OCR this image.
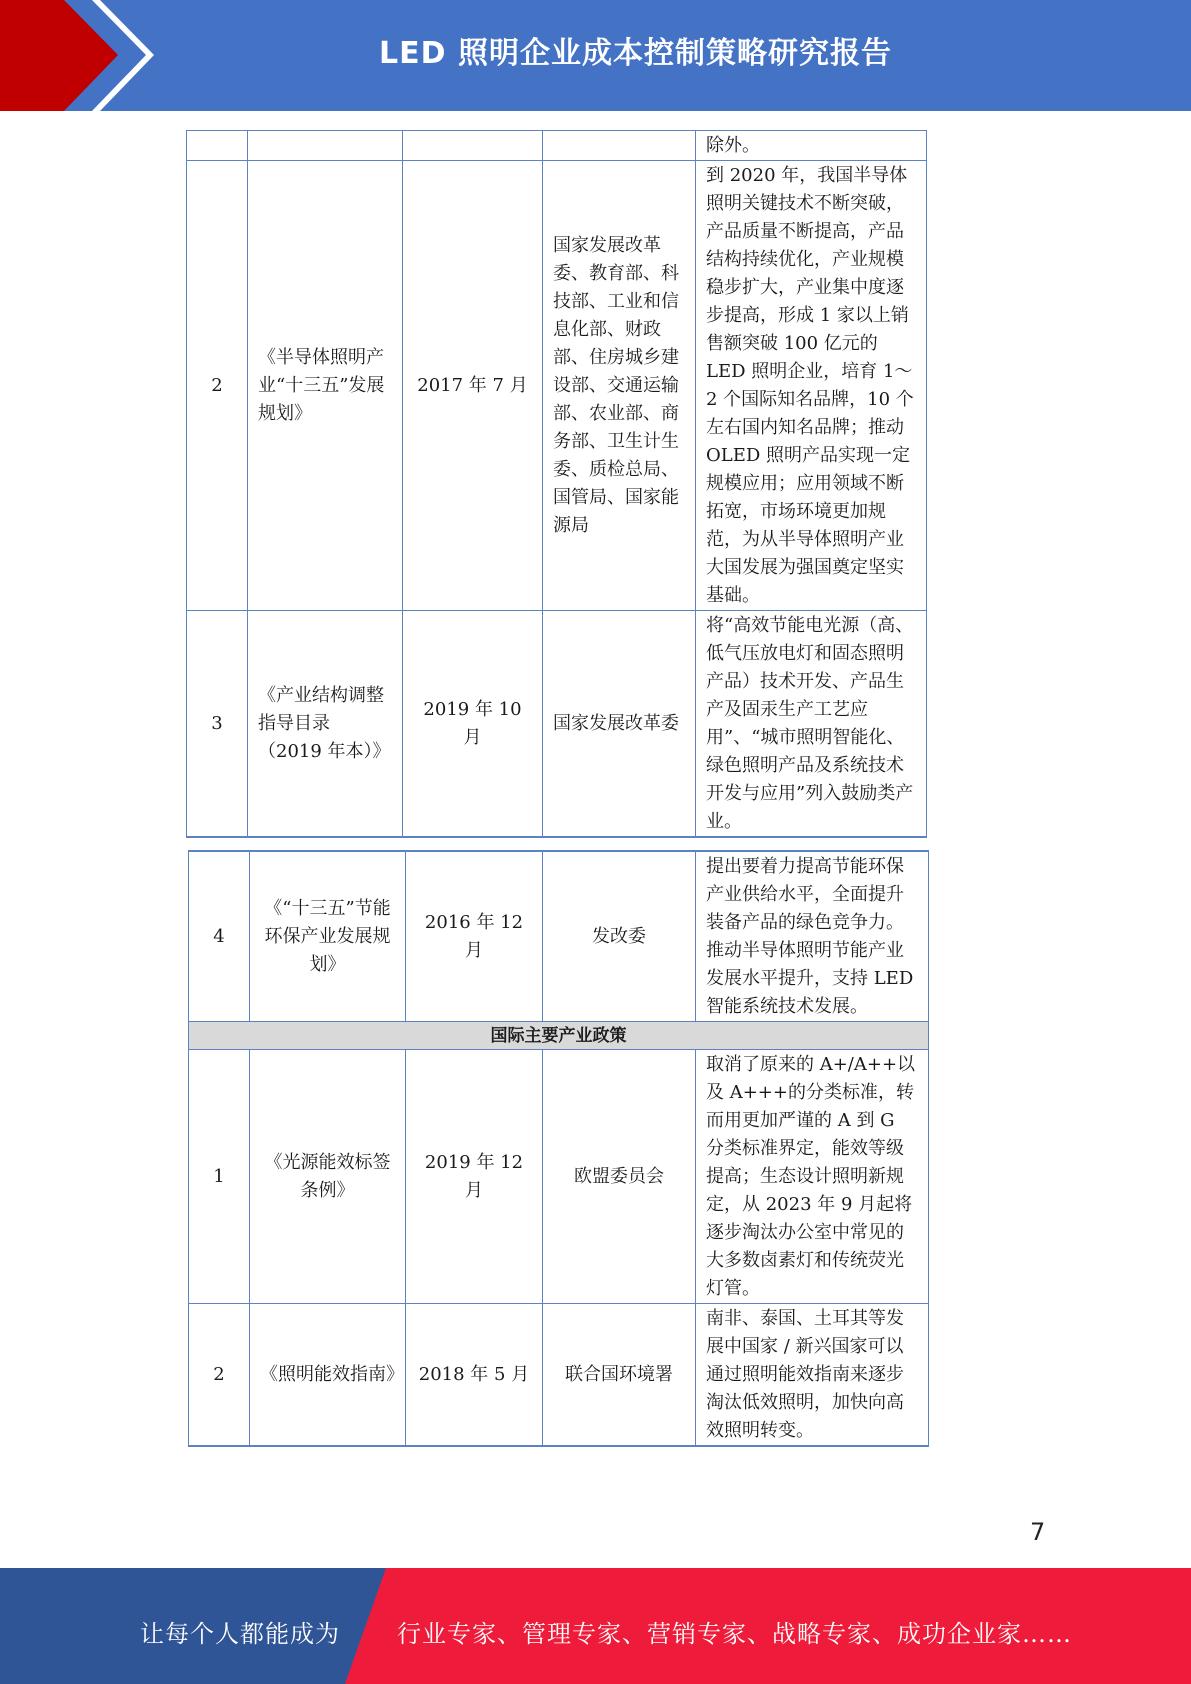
LED 照明企业成本控制策略研究报告
				除外。
2	《半导体照明产业“十三五”发展规划》	2017 年 7 月	国家发展改革委、教育部、科技部、工业和信息化部、财政部、住房城乡建设部、交通运输部、农业部、商务部、卫生计生委、质检总局、国管局、国家能源局	到 2020 年，我国半导体照明关键技术不断突破，产品质量不断提高，产品结构持续优化，产业规模稳步扩大，产业集中度逐步提高，形成 1 家以上销售额突破 100 亿元的 LED 照明企业，培育 1～2 个国际知名品牌，10 个左右国内知名品牌；推动 OLED 照明产品实现一定规模应用；应用领域不断拓宽，市场环境更加规范，为从半导体照明产业大国发展为强国奠定坚实基础。
3	《产业结构调整指导目录（2019 年本）》	2019 年 10 月	国家发展改革委	将“高效节能电光源（高、低气压放电灯和固态照明产品）技术开发、产品生产及固汞生产工艺应用”、“城市照明智能化、绿色照明产品及系统技术开发与应用”列入鼓励类产业。
4	《“十三五”节能环保产业发展规划》	2016 年 12 月	发改委	提出要着力提高节能环保产业供给水平，全面提升装备产品的绿色竞争力。推动半导体照明节能产业发展水平提升，支持 LED 智能系统技术发展。
国际主要产业政策				
1	《光源能效标签条例》	2019 年 12 月	欧盟委员会	取消了原来的 A+/A++以及 A+++的分类标准，转而用更加严谨的 A 到 G 分类标准界定，能效等级提高；生态设计照明新规定，从 2023 年 9 月起将逐步淘汰办公室中常见的大多数卤素灯和传统荧光灯管。
2	《照明能效指南》	2018 年 5 月	联合国环境署	南非、泰国、土耳其等发展中国家 / 新兴国家可以通过照明能效指南来逐步淘汰低效照明，加快向高效照明转变。
7
让每个人都能成为 行业专家、管理专家、营销专家、战略专家、成功企业家……
